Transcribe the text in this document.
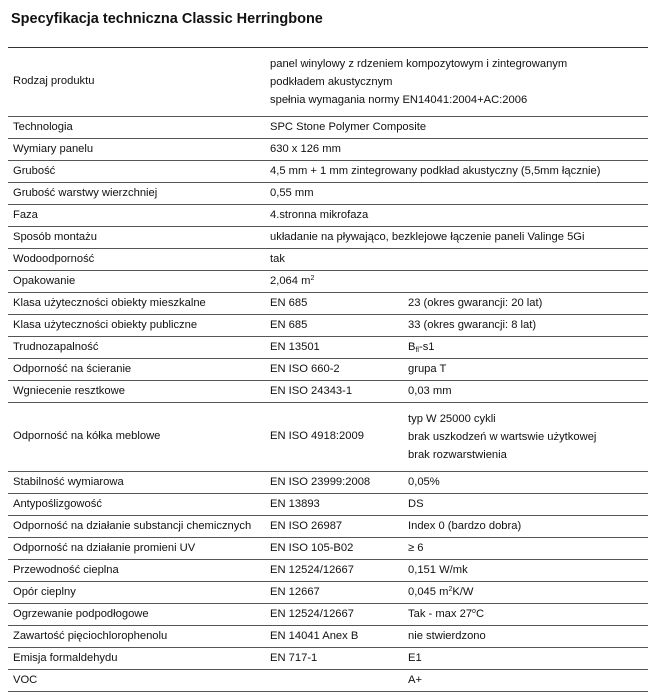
Specyfikacja techniczna Classic Herringbone
Rodzaj produktu	panel winylowy z rdzeniem kompozytowym i zintegrowanym
podkładem akustycznym
spełnia wymagania normy EN14041:2004+AC:2006	

Technologia	SPC Stone Polymer Composite	
Wymiary panelu	630 x 126 mm	
Grubość	4,5 mm + 1 mm zintegrowany podkład akustyczny (5,5mm łącznie)	
Grubość warstwy wierzchniej	0,55 mm	
Faza	4.stronna mikrofaza	
Sposób montażu	układanie na pływająco, bezklejowe łączenie paneli Valinge 5Gi	
Wodoodporność	tak	
Opakowanie	2,064 $m^2$
Klasa użyteczności obiekty mieszkalne	EN 685	23 (okres gwarancji: 20 lat)
Klasa użyteczności obiekty publiczne	EN 685	33 (okres gwarancji: 8 lat)
Trudnozapalność	EN 13501	$B_{fl}-s1$
Odporność na ścieranie	EN ISO 660-2	grupa T
Wgniecenie resztkowe	EN ISO 24343-1	0,03 mm
Odporność na kółka meblowe	EN ISO 4918:2009	typ W 25000 cykli
brak uszkodzeń w wartswie użytkowej
brak rozwarstwienia

Stabilność wymiarowa	EN ISO 23999:2008	0,05%
Antypoślizgowość	EN 13893	DS
Odporność na działanie substancji chemicznych	EN ISO 26987	Index 0 (bardzo dobra)
Odporność na działanie promieni UV	EN ISO 105-B02	≥ 6
Przewodność cieplna	EN 12524/12667	0,151 W/mk
Opór cieplny	EN 12667	0,045 $m^2K/W$
Ogrzewanie podpodłogowe	EN 12524/12667	Tak - max 27$^o$C
Zawartość pięciochlorophenolu	EN 14041 Anex B	nie stwierdzono
Emisja formaldehydu	EN 717-1	E1
VOC		A+
